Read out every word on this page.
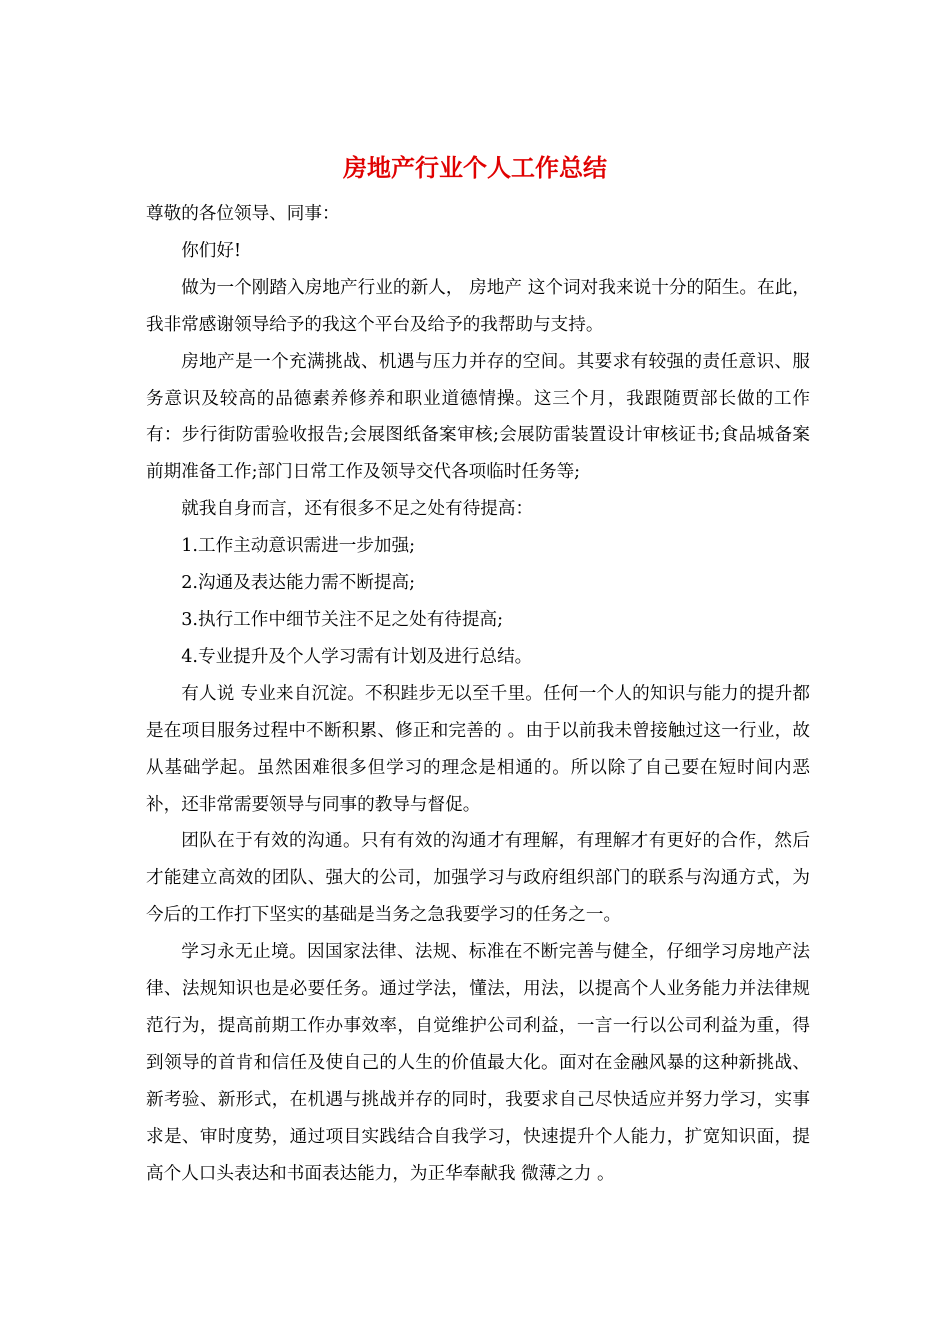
房地产行业个人工作总结

尊敬的各位领导、同事：

你们好!

做为一个刚踏入房地产行业的新人， 房地产 这个词对我来说十分的陌生。在此，我非常感谢领导给予的我这个平台及给予的我帮助与支持。

房地产是一个充满挑战、机遇与压力并存的空间。其要求有较强的责任意识、服务意识及较高的品德素养修养和职业道德情操。这三个月，我跟随贾部长做的工作有：步行街防雷验收报告;会展图纸备案审核;会展防雷装置设计审核证书;食品城备案前期准备工作;部门日常工作及领导交代各项临时任务等;

就我自身而言，还有很多不足之处有待提高：

1.工作主动意识需进一步加强;

2.沟通及表达能力需不断提高;

3.执行工作中细节关注不足之处有待提高;

4.专业提升及个人学习需有计划及进行总结。

有人说 专业来自沉淀。不积跬步无以至千里。任何一个人的知识与能力的提升都是在项目服务过程中不断积累、修正和完善的 。由于以前我未曾接触过这一行业，故从基础学起。虽然困难很多但学习的理念是相通的。所以除了自己要在短时间内恶补，还非常需要领导与同事的教导与督促。

团队在于有效的沟通。只有有效的沟通才有理解，有理解才有更好的合作，然后才能建立高效的团队、强大的公司，加强学习与政府组织部门的联系与沟通方式，为今后的工作打下坚实的基础是当务之急我要学习的任务之一。

学习永无止境。因国家法律、法规、标准在不断完善与健全，仔细学习房地产法律、法规知识也是必要任务。通过学法，懂法，用法，以提高个人业务能力并法律规范行为，提高前期工作办事效率，自觉维护公司利益，一言一行以公司利益为重，得到领导的首肯和信任及使自己的人生的价值最大化。面对在金融风暴的这种新挑战、新考验、新形式，在机遇与挑战并存的同时，我要求自己尽快适应并努力学习，实事求是、审时度势，通过项目实践结合自我学习，快速提升个人能力，扩宽知识面，提高个人口头表达和书面表达能力，为正华奉献我 微薄之力 。
